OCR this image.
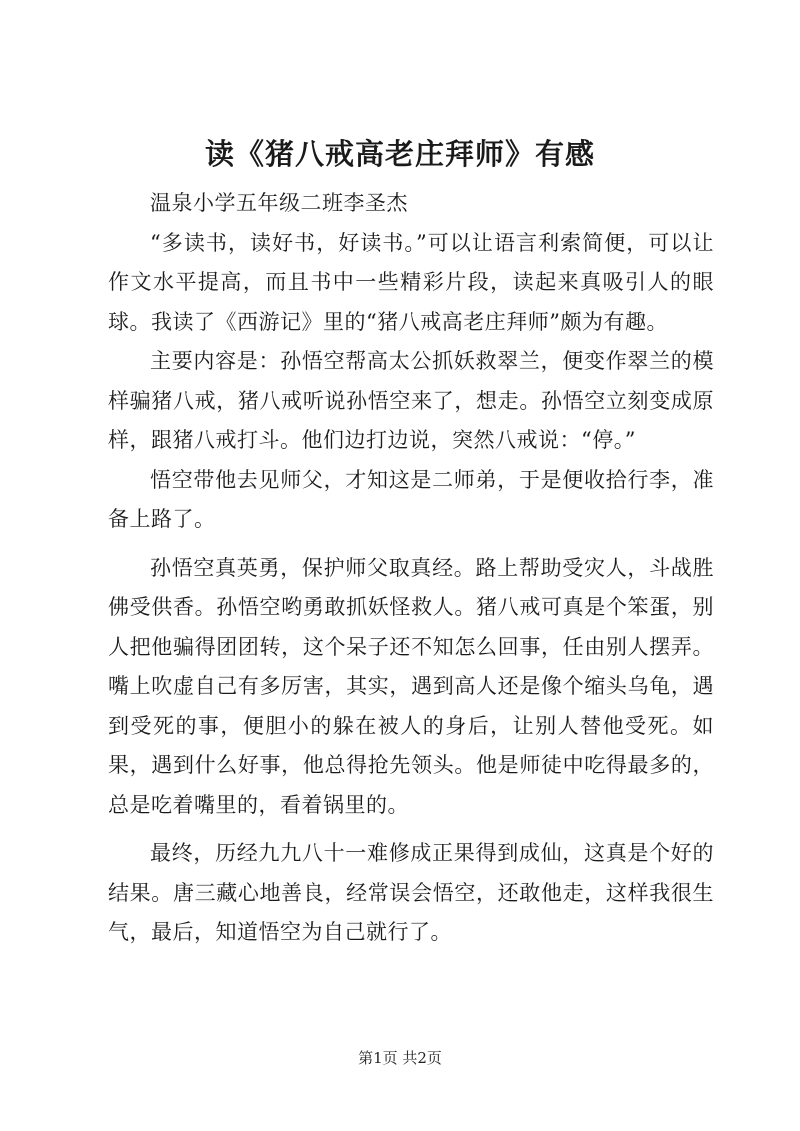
读《猪八戒高老庄拜师》有感

温泉小学五年级二班李圣杰

“多读书，读好书，好读书。”可以让语言利索简便，可以让作文水平提高，而且书中一些精彩片段，读起来真吸引人的眼球。我读了《西游记》里的“猪八戒高老庄拜师”颇为有趣。

主要内容是：孙悟空帮高太公抓妖救翠兰，便变作翠兰的模样骗猪八戒，猪八戒听说孙悟空来了，想走。孙悟空立刻变成原样，跟猪八戒打斗。他们边打边说，突然八戒说：“停。”

悟空带他去见师父，才知这是二师弟，于是便收拾行李，准备上路了。

孙悟空真英勇，保护师父取真经。路上帮助受灾人，斗战胜佛受供香。孙悟空哟勇敢抓妖怪救人。猪八戒可真是个笨蛋，别人把他骗得团团转，这个呆子还不知怎么回事，任由别人摆弄。嘴上吹虚自己有多厉害，其实，遇到高人还是像个缩头乌龟，遇到受死的事，便胆小的躲在被人的身后，让别人替他受死。如果，遇到什么好事，他总得抢先领头。他是师徒中吃得最多的，总是吃着嘴里的，看着锅里的。

最终，历经九九八十一难修成正果得到成仙，这真是个好的结果。唐三藏心地善良，经常误会悟空，还敢他走，这样我很生气，最后，知道悟空为自己就行了。

第1页 共2页
